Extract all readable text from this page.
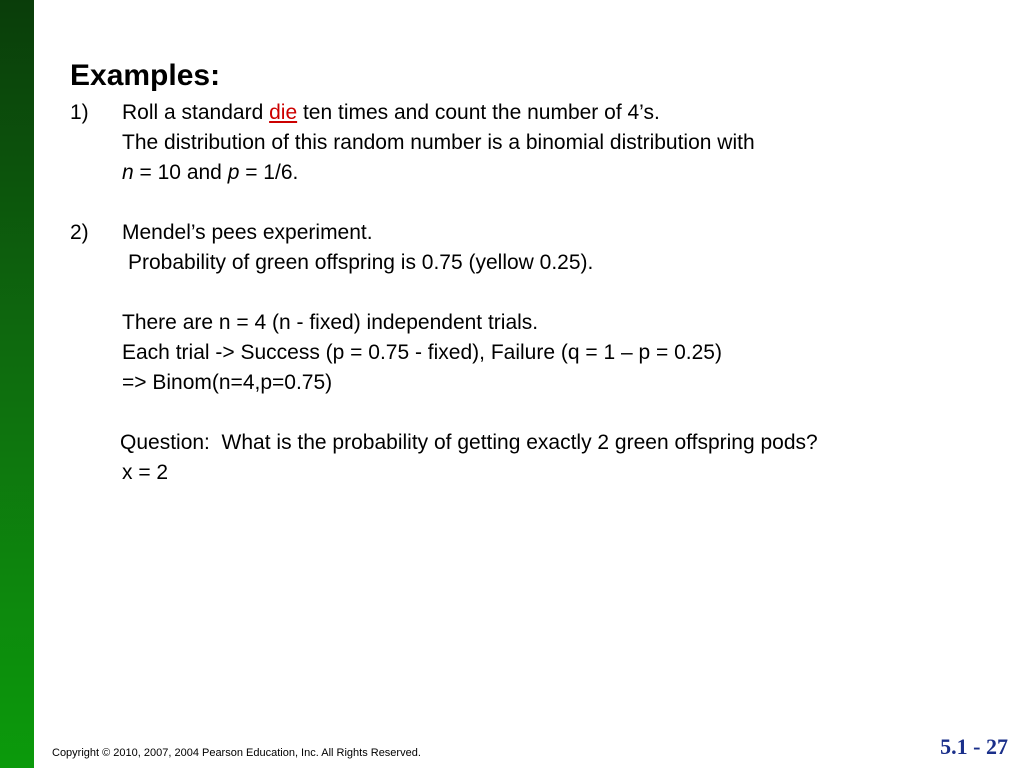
Examples:
1) Roll a standard die ten times and count the number of 4’s.
The distribution of this random number is a binomial distribution with
n = 10 and p = 1/6.
2) Mendel’s pees experiment.
Probability of green offspring is 0.75 (yellow 0.25).
There are n = 4 (n - fixed) independent trials.
Each trial -> Success (p = 0.75 - fixed), Failure (q = 1 – p = 0.25)
=> Binom(n=4,p=0.75)
Question:  What is the probability of getting exactly 2 green offspring pods?
x = 2
Copyright © 2010, 2007, 2004 Pearson Education, Inc. All Rights Reserved.	5.1 - 27
